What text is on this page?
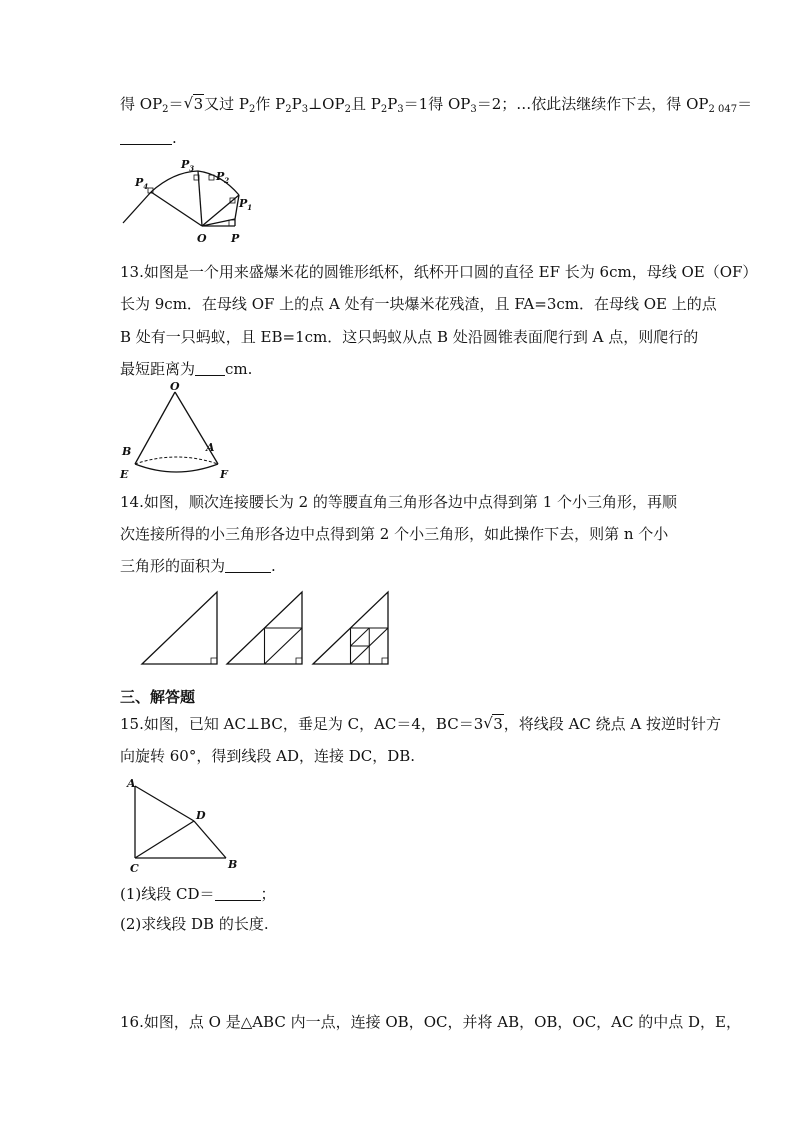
得 $OP_2=√$ 3又过 $P_2$作 $P_2P_3\perp OP_2$且 $P_2P_3=1$得 $OP_3=2$；…依此法继续作下去，得 $OP_{2 047}=$
.
$P_4$
$P_3$
$P_2$
$P_1$
O P
13.如图是一个用来盛爆米花的圆锥形纸杯，纸杯开口圆的直径 EF 长为 6cm，母线 OE（OF）
长为 9cm．在母线 OF 上的点 A 处有一块爆米花残渣，且 FA=3cm．在母线 OE 上的点
B 处有一只蚂蚁，且 EB=1cm．这只蚂蚁从点 B 处沿圆锥表面爬行到 A 点，则爬行的
最短距离为 cm.
O
B	A
E	F
14.如图，顺次连接腰长为 2 的等腰直角三角形各边中点得到第 1 个小三角形，再顺
次连接所得的小三角形各边中点得到第 2 个小三角形，如此操作下去，则第 n 个小
三角形的面积为	.
三、解答题
15.如图，已知 AC⊥BC，垂足为 C，AC＝4，BC＝3√ 3，将线段 AC 绕点 A 按逆时针方
向旋转 60°，得到线段 AD，连接 DC，DB.
A
D
C	B
(1)线段 CD＝	；
(2)求线段 DB 的长度.
16.如图，点 O 是△ABC 内一点，连接 OB，OC，并将 AB，OB，OC，AC 的中点 D，E，
